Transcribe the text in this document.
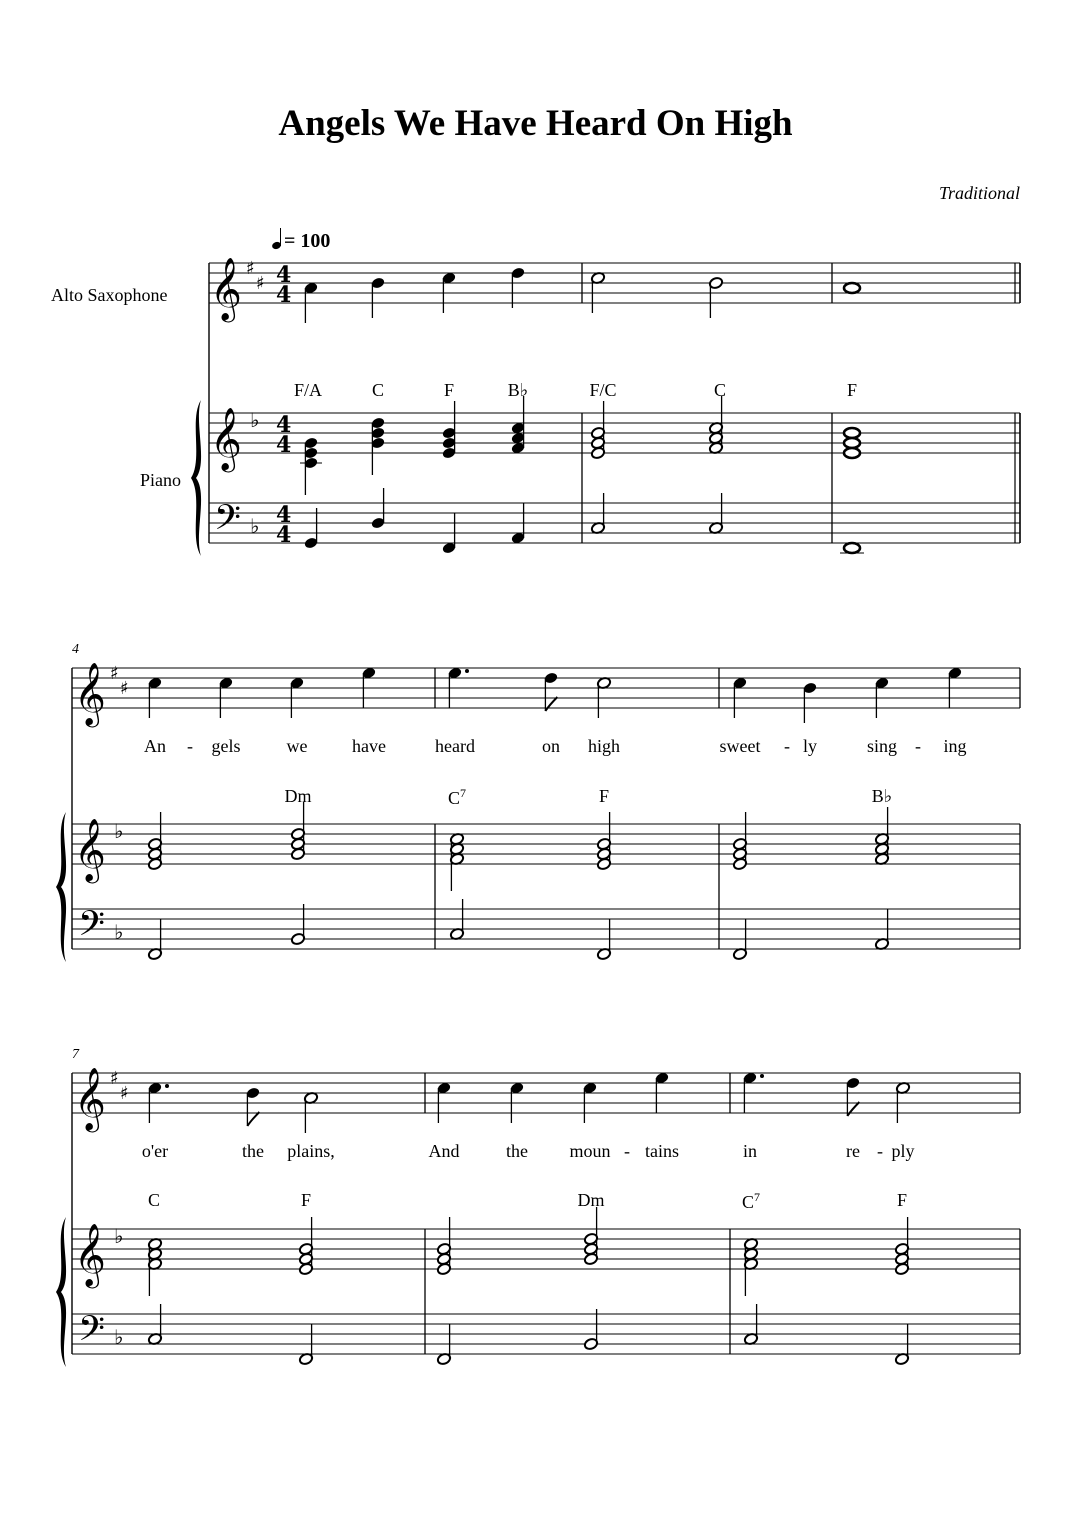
Angels We Have Heard On High
Traditional
= 100
Alto Saxophone
Piano
4
7
F/A	C	F	B♭	F/C	C	F
Dm	$C^7$	F	B♭
C	F	Dm	$C^7$	F
An - gels	we have	heard	on high	sweet - ly	sing - ing
o'er	the plains,	And	the moun - tains	in	re - ply
𝄞
𝄞
𝄢
♯
♯
♭
♭
4
4
4
4
4
4
𝄞
𝄞
𝄢
♯
♯
♭
♭
𝄞
𝄞
𝄢
♯
♯
♭
♭
